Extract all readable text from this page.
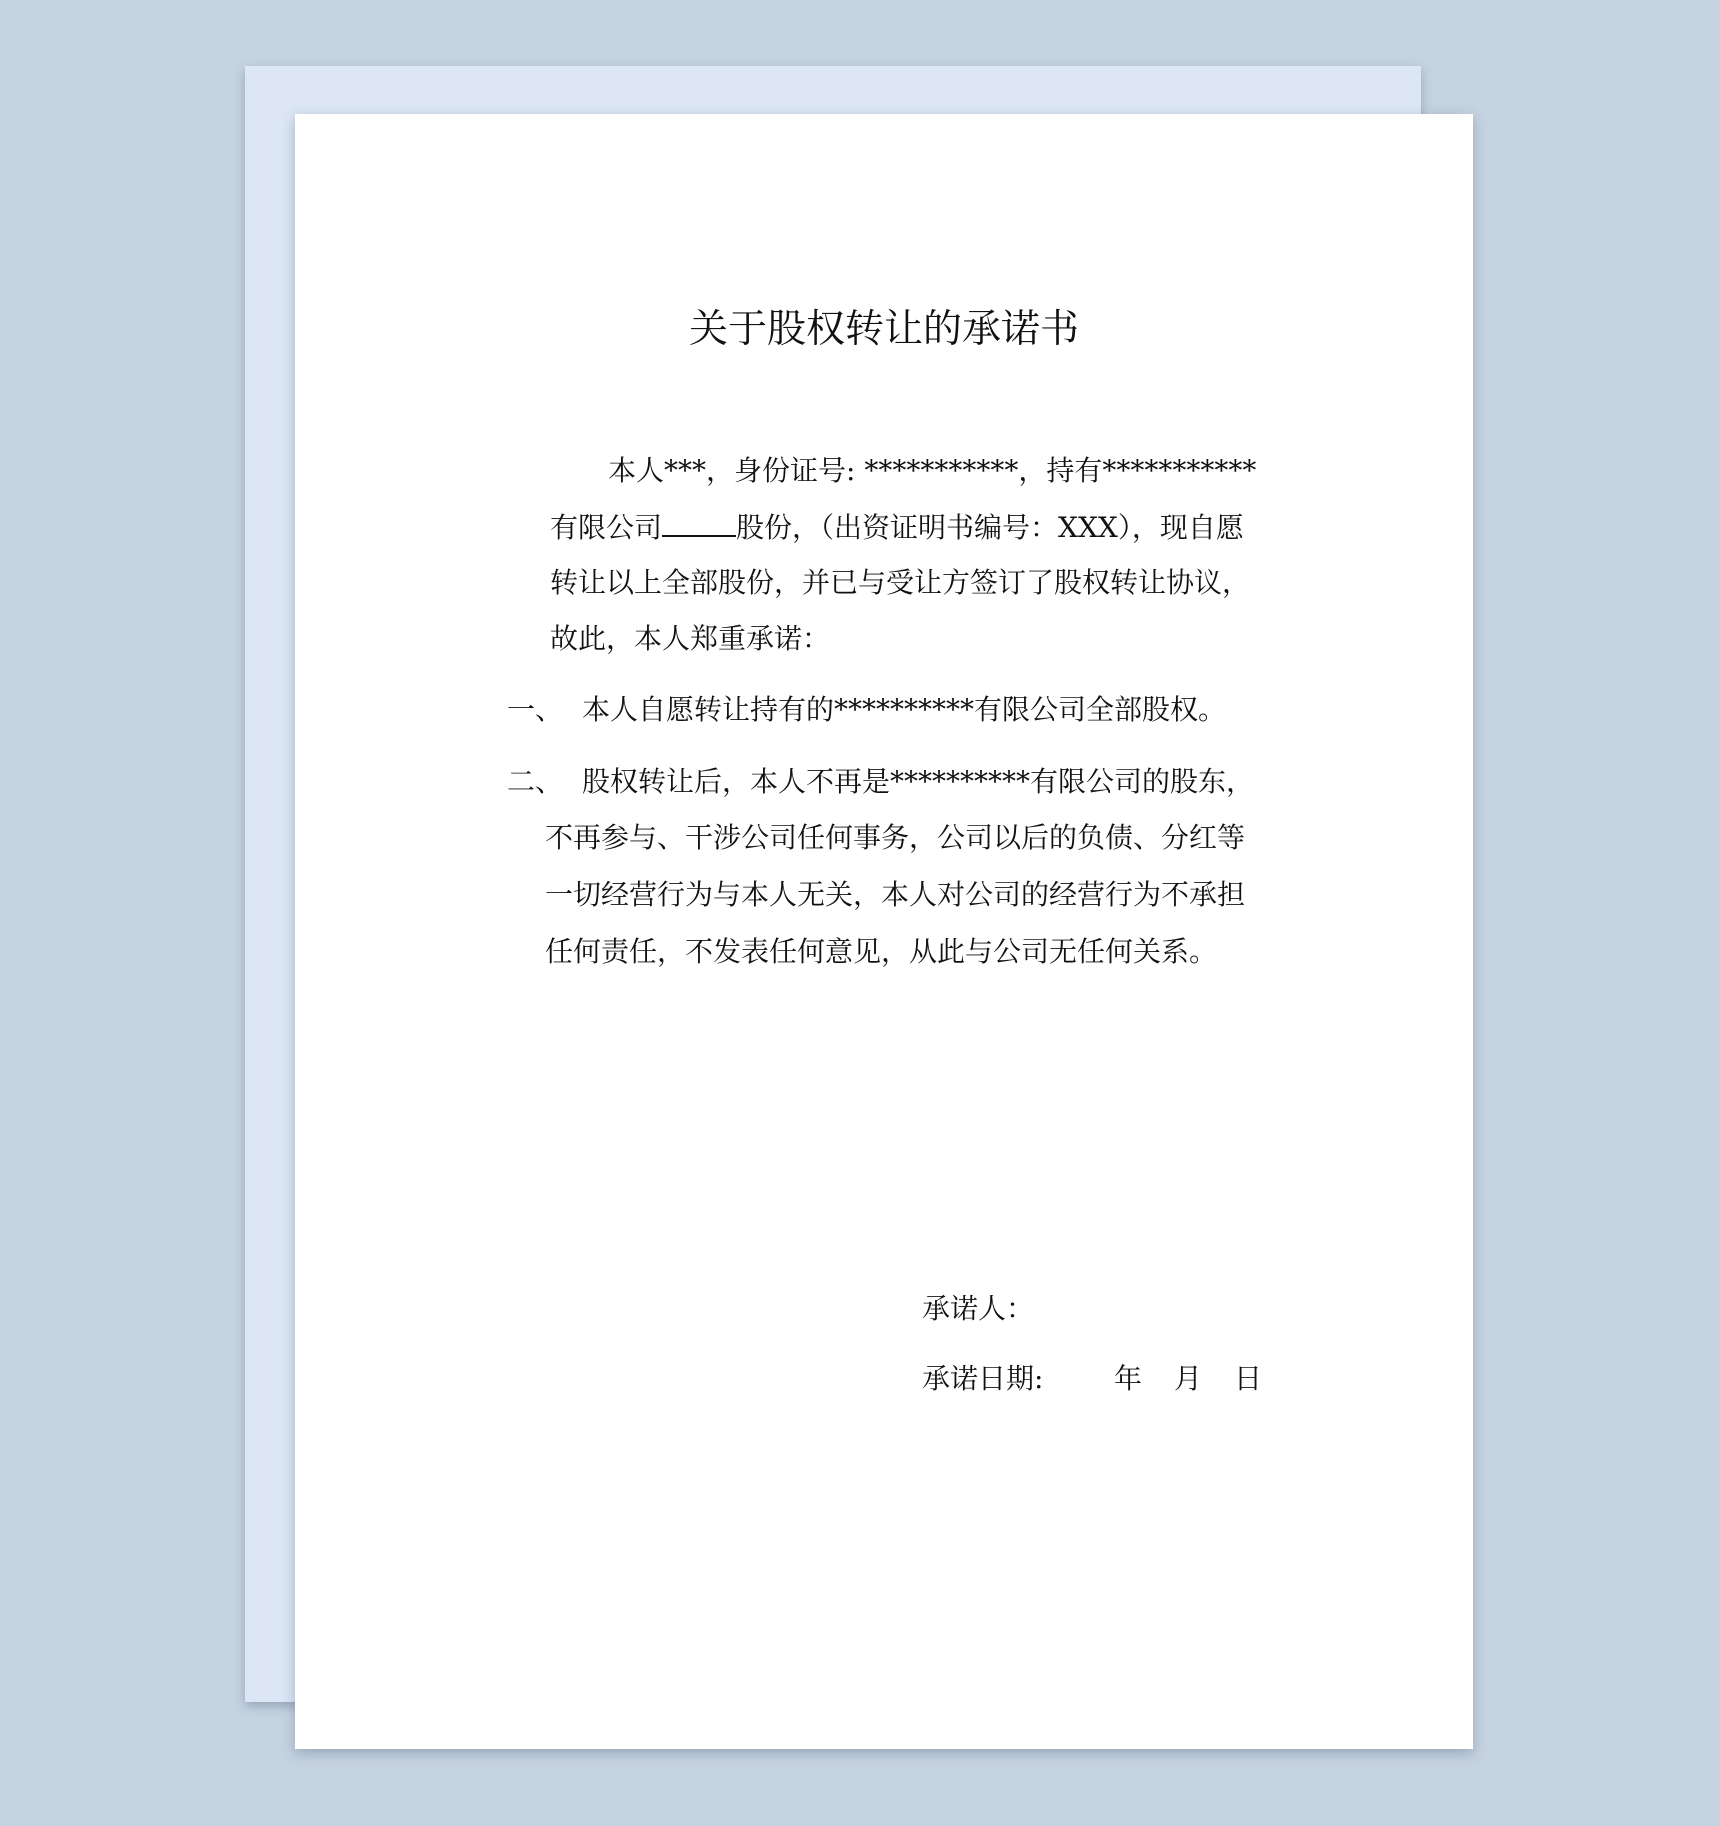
关于股权转让的承诺书
本人***，身份证号: ***********，持有***********
有限公司	股份，（出资证明书编号：XXX），现自愿
转让以上全部股份，并已与受让方签订了股权转让协议，
故此，本人郑重承诺：
一、 本人自愿转让持有的**********有限公司全部股权。
二、 股权转让后，本人不再是**********有限公司的股东，
不再参与、干涉公司任何事务，公司以后的负债、分红等
一切经营行为与本人无关，本人对公司的经营行为不承担
任何责任，不发表任何意见，从此与公司无任何关系。
承诺人：
承诺日期:	年 月 日
